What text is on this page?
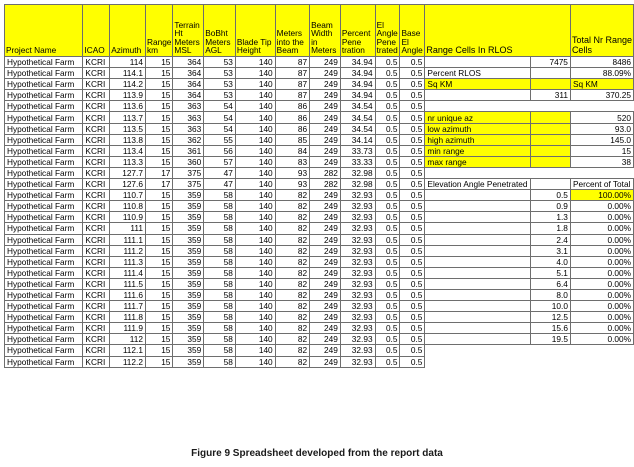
Project Name	ICAO	Azimuth	Range km	Terrain Ht Meters MSL	BoBht Meters AGL	Blade Tip Height	Meters into the Beam	Beam Width in Meters	Percent Pene tration	El Angle Pene trated	Base El Angle	Range Cells In RLOS		Total Nr Range Cells
Hypothetical Farm	KCRI	114	15	364	53	140	87	249	34.94	0.5	0.5		7475	8486
Hypothetical Farm	KCRI	114.1	15	364	53	140	87	249	34.94	0.5	0.5	Percent RLOS		88.09%
Hypothetical Farm	KCRI	114.2	15	364	53	140	87	249	34.94	0.5	0.5	Sq KM		Sq KM
Hypothetical Farm	KCRI	113.9	15	364	53	140	87	249	34.94	0.5	0.5		311	370.25
Hypothetical Farm	KCRI	113.6	15	363	54	140	86	249	34.54	0.5	0.5			
Hypothetical Farm	KCRI	113.7	15	363	54	140	86	249	34.54	0.5	0.5	nr unique az		520
Hypothetical Farm	KCRI	113.5	15	363	54	140	86	249	34.54	0.5	0.5	low azimuth		93.0
Hypothetical Farm	KCRI	113.8	15	362	55	140	85	249	34.14	0.5	0.5	high azimuth		145.0
Hypothetical Farm	KCRI	113.4	15	361	56	140	84	249	33.73	0.5	0.5	min range		15
Hypothetical Farm	KCRI	113.3	15	360	57	140	83	249	33.33	0.5	0.5	max range		38
Hypothetical Farm	KCRI	127.7	17	375	47	140	93	282	32.98	0.5	0.5			
Hypothetical Farm	KCRI	127.6	17	375	47	140	93	282	32.98	0.5	0.5	Elevation Angle Penetrated		Percent of Total
Hypothetical Farm	KCRI	110.7	15	359	58	140	82	249	32.93	0.5	0.5		0.5	100.00%
Hypothetical Farm	KCRI	110.8	15	359	58	140	82	249	32.93	0.5	0.5		0.9	0.00%
Hypothetical Farm	KCRI	110.9	15	359	58	140	82	249	32.93	0.5	0.5		1.3	0.00%
Hypothetical Farm	KCRI	111	15	359	58	140	82	249	32.93	0.5	0.5		1.8	0.00%
Hypothetical Farm	KCRI	111.1	15	359	58	140	82	249	32.93	0.5	0.5		2.4	0.00%
Hypothetical Farm	KCRI	111.2	15	359	58	140	82	249	32.93	0.5	0.5		3.1	0.00%
Hypothetical Farm	KCRI	111.3	15	359	58	140	82	249	32.93	0.5	0.5		4.0	0.00%
Hypothetical Farm	KCRI	111.4	15	359	58	140	82	249	32.93	0.5	0.5		5.1	0.00%
Hypothetical Farm	KCRI	111.5	15	359	58	140	82	249	32.93	0.5	0.5		6.4	0.00%
Hypothetical Farm	KCRI	111.6	15	359	58	140	82	249	32.93	0.5	0.5		8.0	0.00%
Hypothetical Farm	KCRI	111.7	15	359	58	140	82	249	32.93	0.5	0.5		10.0	0.00%
Hypothetical Farm	KCRI	111.8	15	359	58	140	82	249	32.93	0.5	0.5		12.5	0.00%
Hypothetical Farm	KCRI	111.9	15	359	58	140	82	249	32.93	0.5	0.5		15.6	0.00%
Hypothetical Farm	KCRI	112	15	359	58	140	82	249	32.93	0.5	0.5		19.5	0.00%
Hypothetical Farm	KCRI	112.1	15	359	58	140	82	249	32.93	0.5	0.5			
Hypothetical Farm	KCRI	112.2	15	359	58	140	82	249	32.93	0.5	0.5			
Figure 9 Spreadsheet developed from the report data
